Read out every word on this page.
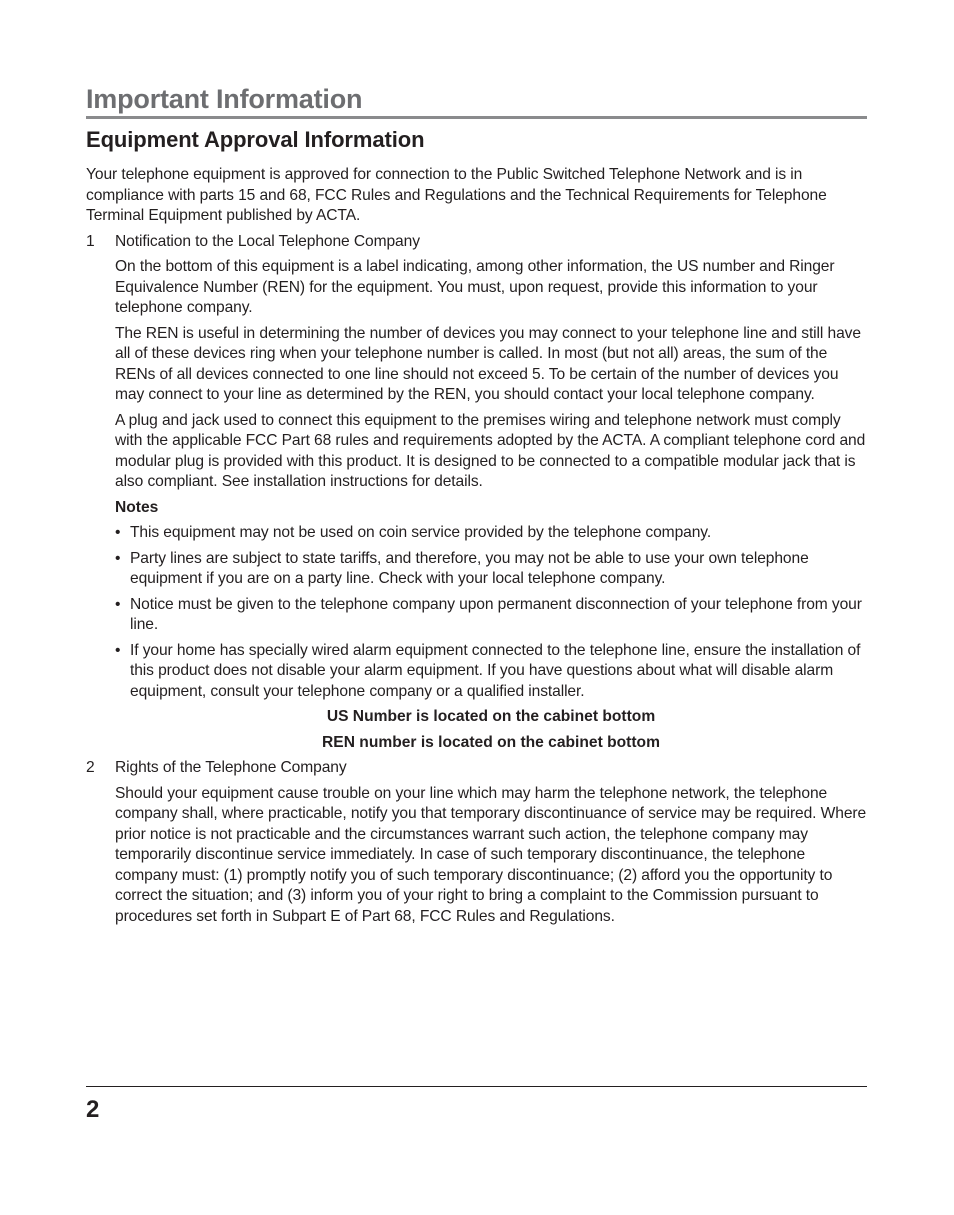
Important Information
Equipment Approval Information

Your telephone equipment is approved for connection to the Public Switched Telephone Network and is in compliance with parts 15 and 68, FCC Rules and Regulations and the Technical Requirements for Telephone Terminal Equipment published by ACTA.

1	Notification to the Local Telephone Company

On the bottom of this equipment is a label indicating, among other information, the US number and Ringer Equivalence Number (REN) for the equipment. You must, upon request, provide this information to your telephone company.

The REN is useful in determining the number of devices you may connect to your telephone line and still have all of these devices ring when your telephone number is called. In most (but not all) areas, the sum of the RENs of all devices connected to one line should not exceed 5. To be certain of the number of devices you may connect to your line as determined by the REN, you should contact your local telephone company.

A plug and jack used to connect this equipment to the premises wiring and telephone network must comply with the applicable FCC Part 68 rules and requirements adopted by the ACTA. A compliant telephone cord and modular plug is provided with this product. It is designed to be connected to a compatible modular jack that is also compliant. See installation instructions for details.

Notes
• This equipment may not be used on coin service provided by the telephone company.
• Party lines are subject to state tariffs, and therefore, you may not be able to use your own telephone equipment if you are on a party line. Check with your local telephone company.
• Notice must be given to the telephone company upon permanent disconnection of your telephone from your line.
• If your home has specially wired alarm equipment connected to the telephone line, ensure the installation of this product does not disable your alarm equipment. If you have questions about what will disable alarm equipment, consult your telephone company or a qualified installer.
US Number is located on the cabinet bottom
REN number is located on the cabinet bottom
2	Rights of the Telephone Company

Should your equipment cause trouble on your line which may harm the telephone network, the telephone company shall, where practicable, notify you that temporary discontinuance of service may be required. Where prior notice is not practicable and the circumstances warrant such action, the telephone company may temporarily discontinue service immediately. In case of such temporary discontinuance, the telephone company must: (1) promptly notify you of such temporary discontinuance; (2) afford you the opportunity to correct the situation; and (3) inform you of your right to bring a complaint to the Commission pursuant to procedures set forth in Subpart E of Part 68, FCC Rules and Regulations.

2
